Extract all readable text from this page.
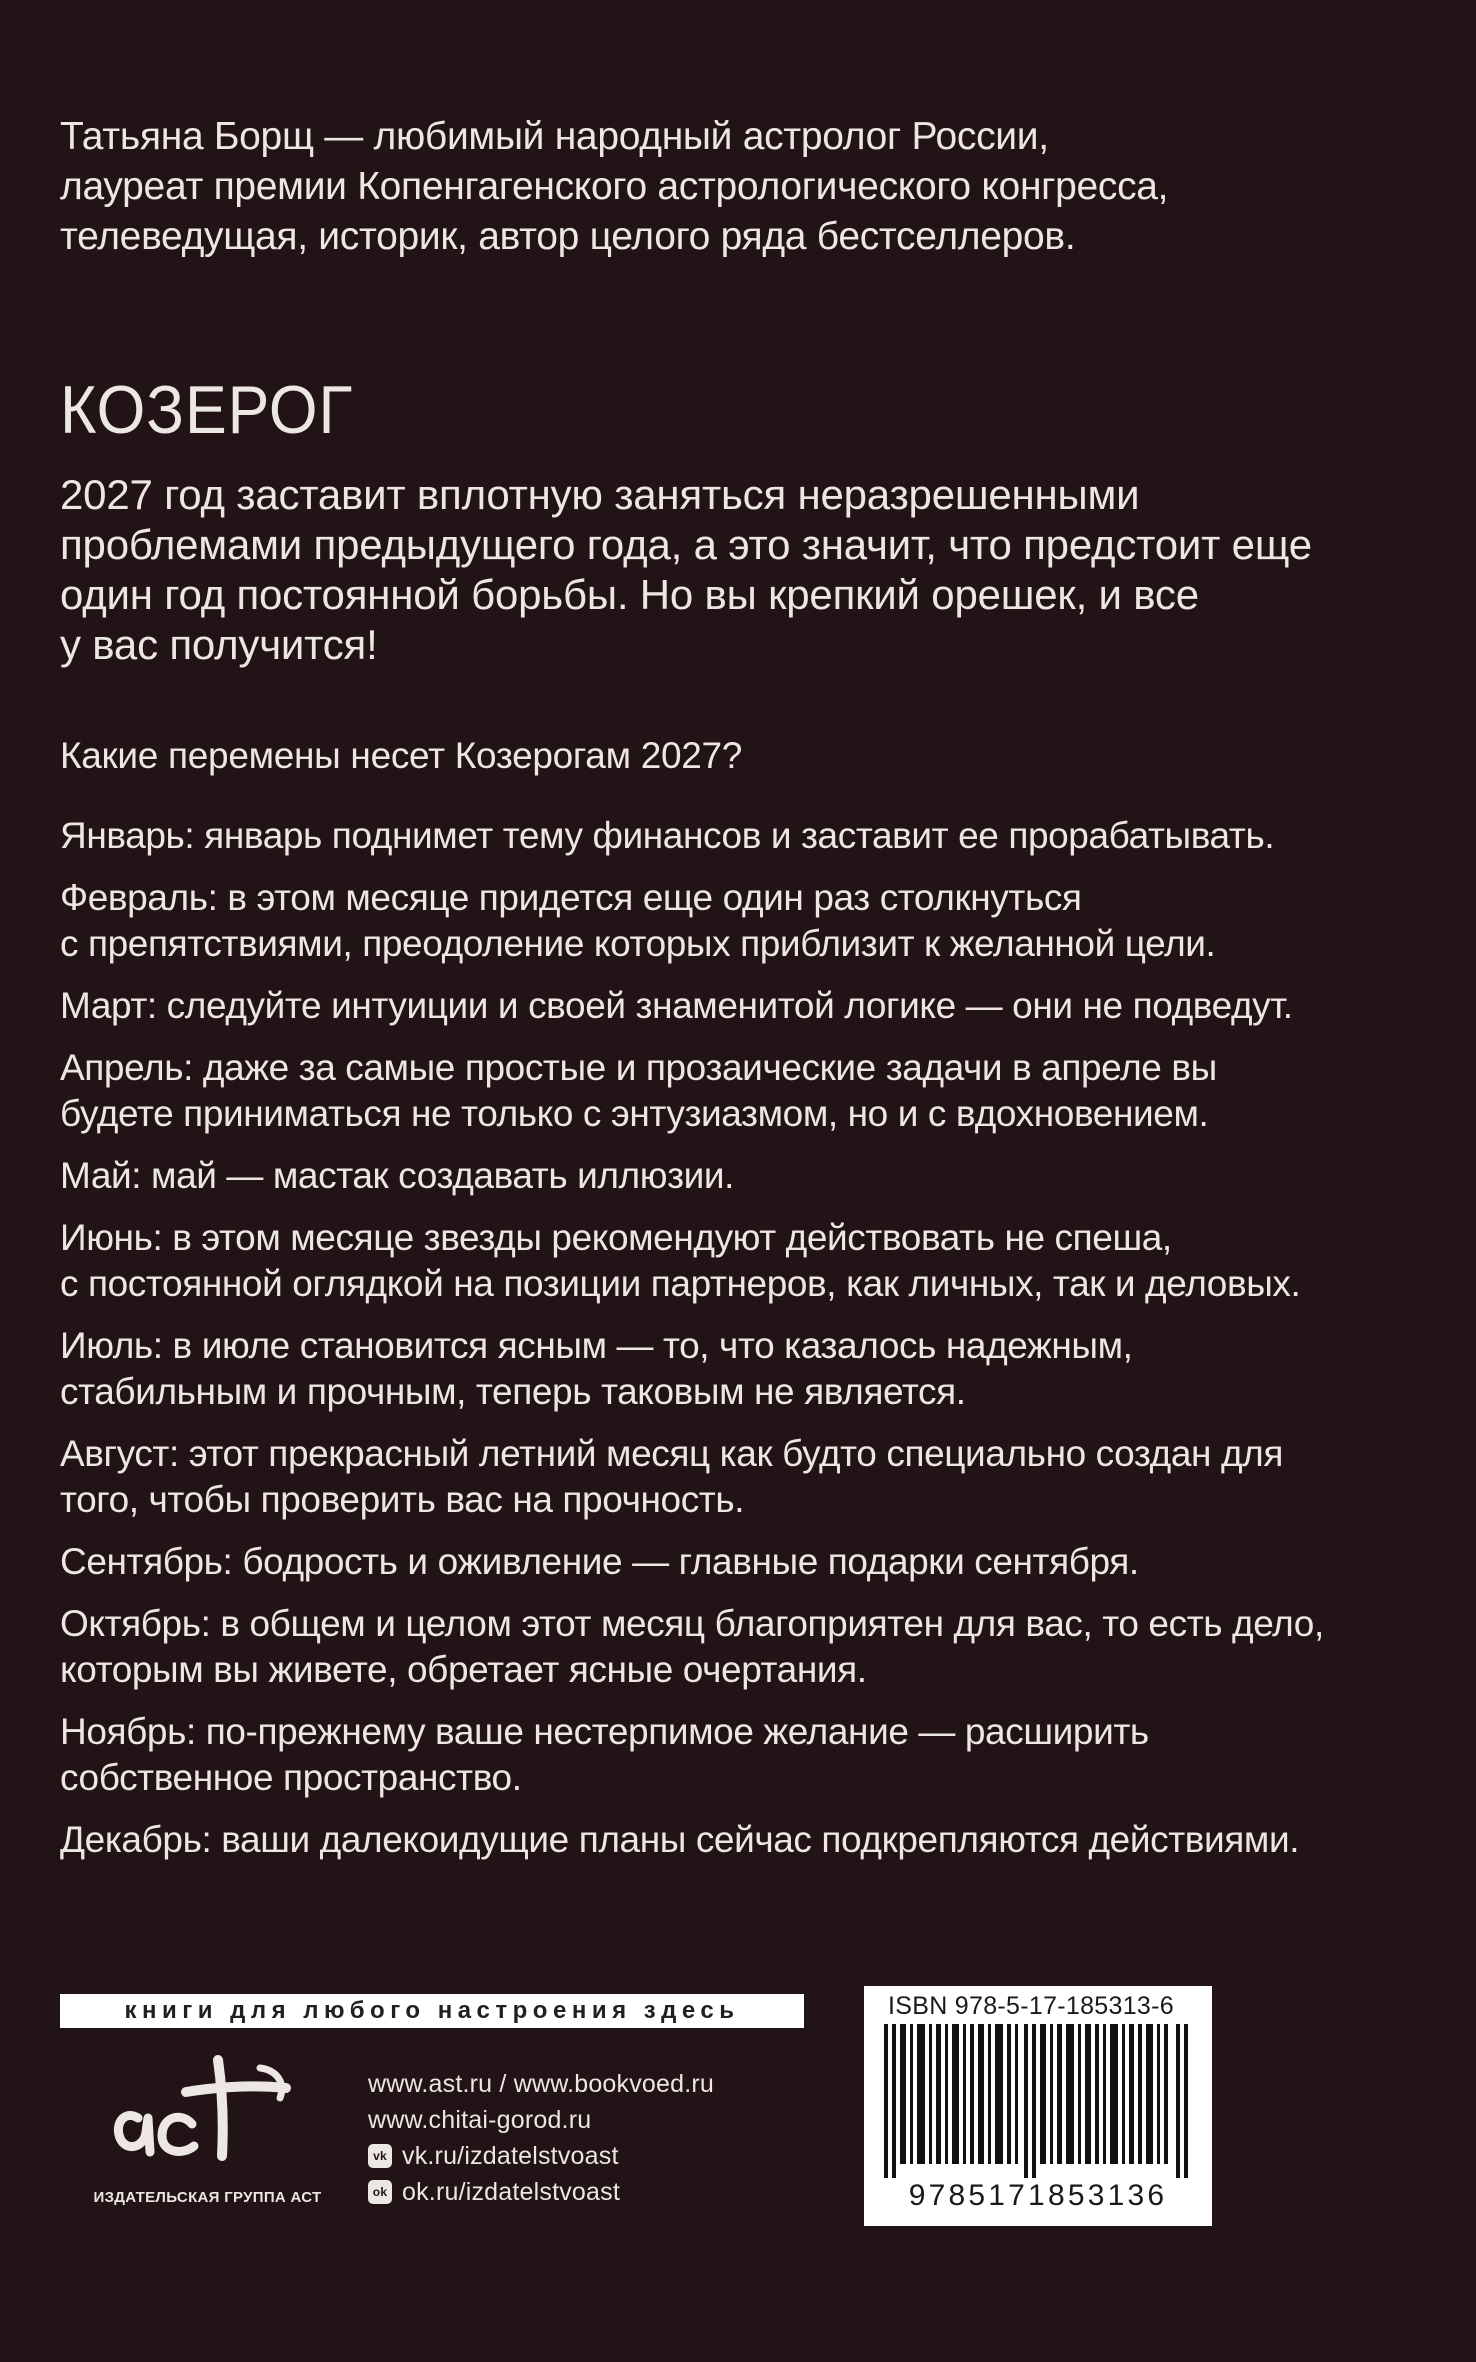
Татьяна Борщ — любимый народный астролог России,

лауреат премии Копенгагенского астрологического конгресса,

телеведущая, историк, автор целого ряда бестселлеров.

КОЗЕРОГ

2027 год заставит вплотную заняться неразрешенными

проблемами предыдущего года, а это значит, что предстоит еще

один год постоянной борьбы. Но вы крепкий орешек, и все

у вас получится!

Какие перемены несет Козерогам 2027?

Январь: январь поднимет тему финансов и заставит ее прорабатывать.

Февраль: в этом месяце придется еще один раз столкнуться

с препятствиями, преодоление которых приблизит к желанной цели.

Март: следуйте интуиции и своей знаменитой логике — они не подведут.

Апрель: даже за самые простые и прозаические задачи в апреле вы

будете приниматься не только с энтузиазмом, но и с вдохновением.

Май: май — мастак создавать иллюзии.

Июнь: в этом месяце звезды рекомендуют действовать не спеша,

с постоянной оглядкой на позиции партнеров, как личных, так и деловых.

Июль: в июле становится ясным — то, что казалось надежным,

стабильным и прочным, теперь таковым не является.

Август: этот прекрасный летний месяц как будто специально создан для

того, чтобы проверить вас на прочность.

Сентябрь: бодрость и оживление — главные подарки сентября.

Октябрь: в общем и целом этот месяц благоприятен для вас, то есть дело,

которым вы живете, обретает ясные очертания.

Ноябрь: по-прежнему ваше нестерпимое желание — расширить

собственное пространство.

Декабрь: ваши далекоидущие планы сейчас подкрепляются действиями.

книги для любого настроения здесь
ИЗДАТЕЛЬСКАЯ ГРУППА АСТ
www.ast.ru / www.bookvoed.ru
www.chitai-gorod.ru
vk vk.ru/izdatelstvoast
ok ok.ru/izdatelstvoast
ISBN 978-5-17-185313-6
9785171853136
